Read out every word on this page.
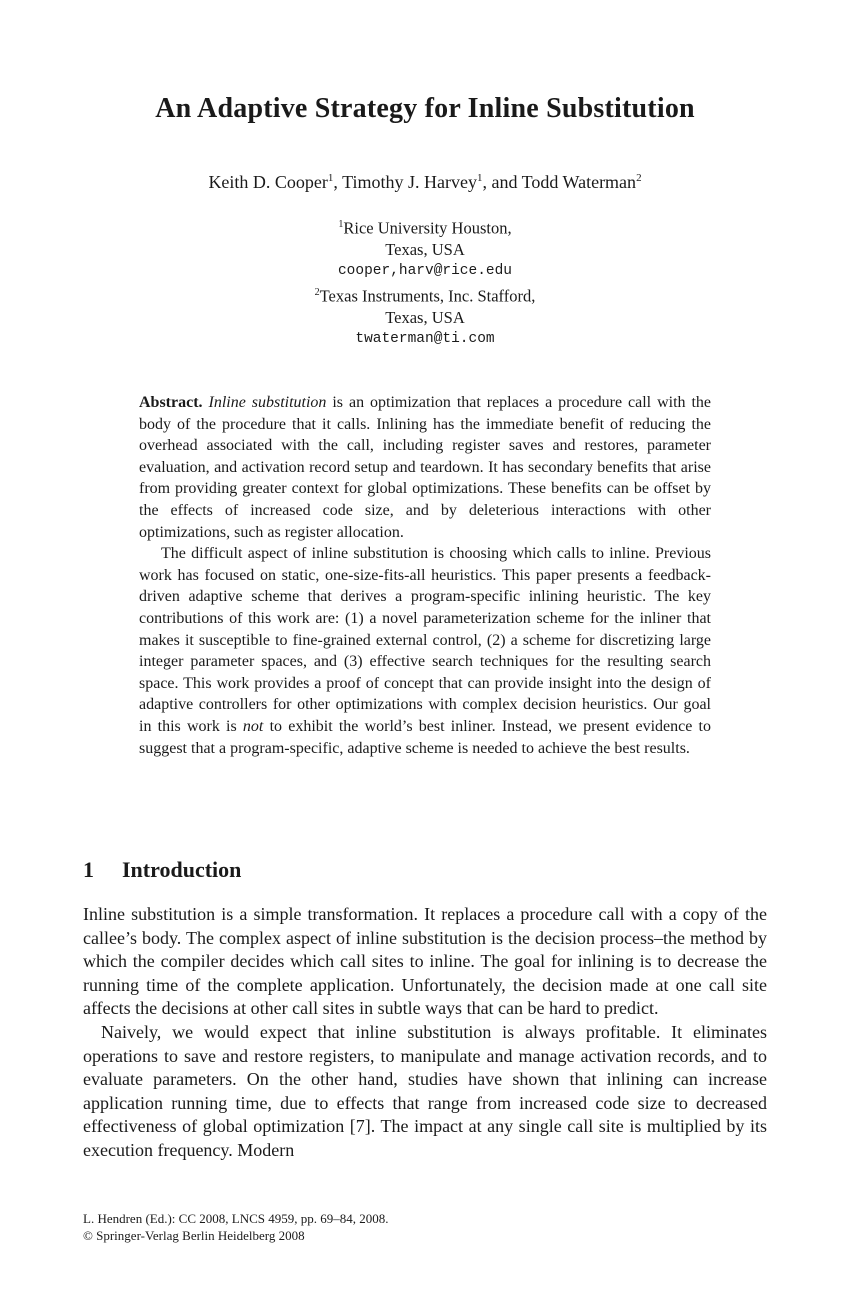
An Adaptive Strategy for Inline Substitution
Keith D. Cooper$^1$, Timothy J. Harvey$^1$, and Todd Waterman$^2$
$^1$Rice University Houston,
Texas, USA
cooper,harv@rice.edu
$^2$Texas Instruments, Inc. Stafford,
Texas, USA
twaterman@ti.com

Abstract. Inline substitution is an optimization that replaces a procedure call with the body of the procedure that it calls. Inlining has the immediate benefit of reducing the overhead associated with the call, including register saves and restores, parameter evaluation, and activation record setup and teardown. It has secondary benefits that arise from providing greater context for global optimizations. These benefits can be offset by the effects of increased code size, and by deleterious interactions with other optimizations, such as register allocation.

The difficult aspect of inline substitution is choosing which calls to inline. Previous work has focused on static, one-size-fits-all heuristics. This paper presents a feedback-driven adaptive scheme that derives a program-specific inlining heuristic. The key contributions of this work are: (1) a novel parameterization scheme for the inliner that makes it susceptible to fine-grained external control, (2) a scheme for discretizing large integer parameter spaces, and (3) effective search techniques for the resulting search space. This work provides a proof of concept that can provide insight into the design of adaptive controllers for other optimizations with complex decision heuristics. Our goal in this work is not to exhibit the world’s best inliner. Instead, we present evidence to suggest that a program-specific, adaptive scheme is needed to achieve the best results.

1 Introduction

Inline substitution is a simple transformation. It replaces a procedure call with a copy of the callee’s body. The complex aspect of inline substitution is the decision process–the method by which the compiler decides which call sites to inline. The goal for inlining is to decrease the running time of the complete application. Unfortunately, the decision made at one call site affects the decisions at other call sites in subtle ways that can be hard to predict.

Naively, we would expect that inline substitution is always profitable. It eliminates operations to save and restore registers, to manipulate and manage activation records, and to evaluate parameters. On the other hand, studies have shown that inlining can increase application running time, due to effects that range from increased code size to decreased effectiveness of global optimization [7]. The impact at any single call site is multiplied by its execution frequency. Modern

L. Hendren (Ed.): CC 2008, LNCS 4959, pp. 69–84, 2008.
© Springer-Verlag Berlin Heidelberg 2008
